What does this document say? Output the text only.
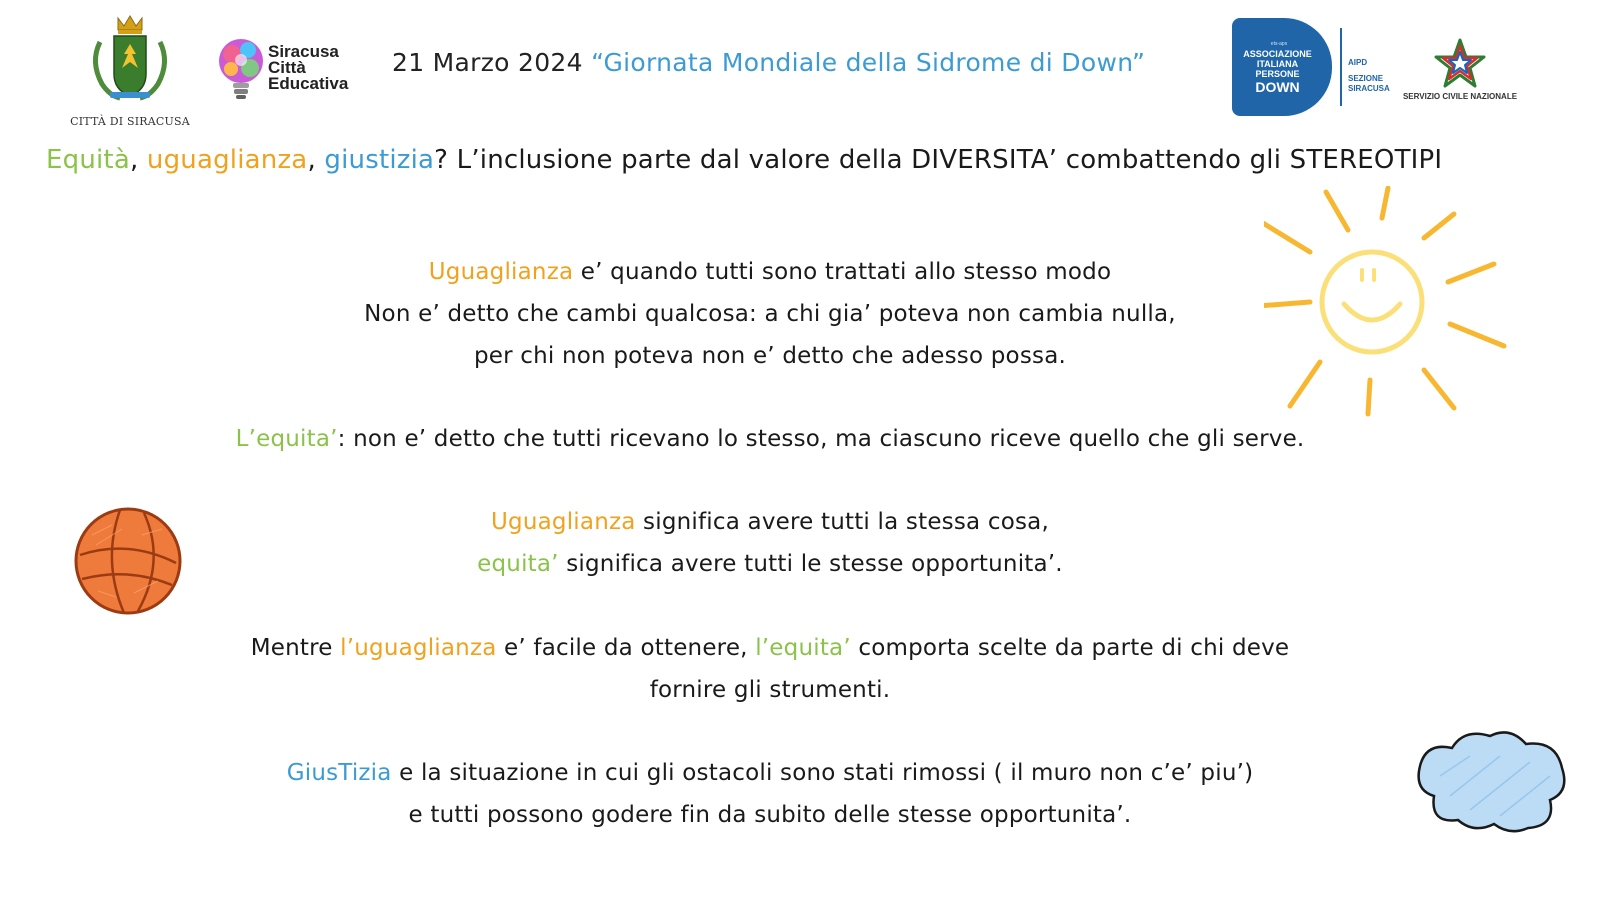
CITTÀ DI SIRACUSA
Siracusa
Città
Educativa
21 Marzo 2024 “Giornata Mondiale della Sidrome di Down”
ets-aps
ASSOCIAZIONE
ITALIANA
PERSONE
DOWN
AIPD
SEZIONE
SIRACUSA
SERVIZIO CIVILE NAZIONALE
Equità, uguaglianza, giustizia? L’inclusione parte dal valore della DIVERSITA’ combattendo gli STEREOTIPI
Uguaglianza e’ quando tutti sono trattati allo stesso modo
Non e’ detto che cambi qualcosa: a chi gia’ poteva non cambia nulla,
per chi non poteva non e’ detto che adesso possa.
L’equita’: non e’ detto che tutti ricevano lo stesso, ma ciascuno riceve quello che gli serve.
Uguaglianza significa avere tutti la stessa cosa,
equita’ significa avere tutti le stesse opportunita’.
Mentre l’uguaglianza e’ facile da ottenere, l’equita’ comporta scelte da parte di chi deve
fornire gli strumenti.
GiusTizia e la situazione in cui gli ostacoli sono stati rimossi ( il muro non c’e’ piu’)
e tutti possono godere fin da subito delle stesse opportunita’.
